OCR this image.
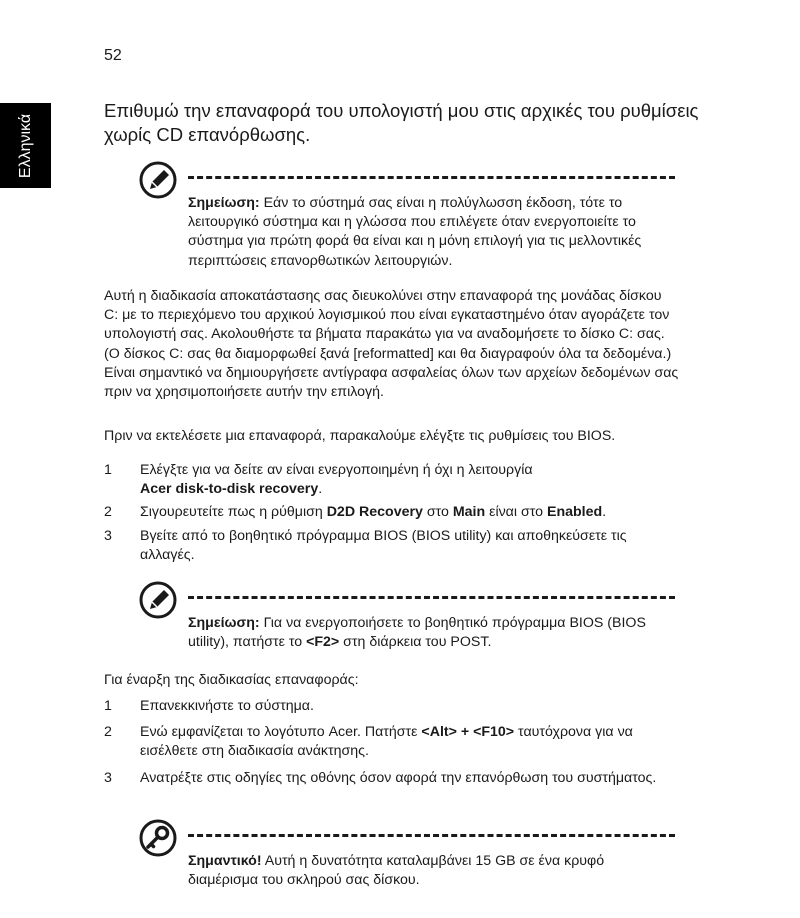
52
Ελληνικά
Επιθυμώ την επαναφορά του υπολογιστή μου στις αρχικές του ρυθμίσεις χωρίς CD επανόρθωσης.
Σημείωση: Εάν το σύστημά σας είναι η πολύγλωσση έκδοση, τότε το λειτουργικό σύστημα και η γλώσσα που επιλέγετε όταν ενεργοποιείτε το σύστημα για πρώτη φορά θα είναι και η μόνη επιλογή για τις μελλοντικές περιπτώσεις επανορθωτικών λειτουργιών.

Αυτή η διαδικασία αποκατάστασης σας διευκολύνει στην επαναφορά της μονάδας δίσκου C: με το περιεχόμενο του αρχικού λογισμικού που είναι εγκαταστημένο όταν αγοράζετε τον υπολογιστή σας. Ακολουθήστε τα βήματα παρακάτω για να αναδομήσετε το δίσκο C: σας. (Ο δίσκος C: σας θα διαμορφωθεί ξανά [reformatted] και θα διαγραφούν όλα τα δεδομένα.) Είναι σημαντικό να δημιουργήσετε αντίγραφα ασφαλείας όλων των αρχείων δεδομένων σας πριν να χρησιμοποιήσετε αυτήν την επιλογή.

Πριν να εκτελέσετε μια επαναφορά, παρακαλούμε ελέγξτε τις ρυθμίσεις του BIOS.

1 Ελέγξτε για να δείτε αν είναι ενεργοποιημένη ή όχι η λειτουργία
Acer disk-to-disk recovery.
2 Σιγουρευτείτε πως η ρύθμιση D2D Recovery στο Main είναι στο Enabled.
3 Βγείτε από το βοηθητικό πρόγραμμα BIOS (BIOS utility) και αποθηκεύσετε τις αλλαγές.
Σημείωση: Για να ενεργοποιήσετε το βοηθητικό πρόγραμμα BIOS (BIOS utility), πατήστε το <F2> στη διάρκεια του POST.

Για έναρξη της διαδικασίας επαναφοράς:

1 Επανεκκινήστε το σύστημα.
2 Ενώ εμφανίζεται το λογότυπο Acer. Πατήστε <Alt> + <F10> ταυτόχρονα για να εισέλθετε στη διαδικασία ανάκτησης.
3 Ανατρέξτε στις οδηγίες της οθόνης όσον αφορά την επανόρθωση του συστήματος.
Σημαντικό! Αυτή η δυνατότητα καταλαμβάνει 15 GB σε ένα κρυφό διαμέρισμα του σκληρού σας δίσκου.
